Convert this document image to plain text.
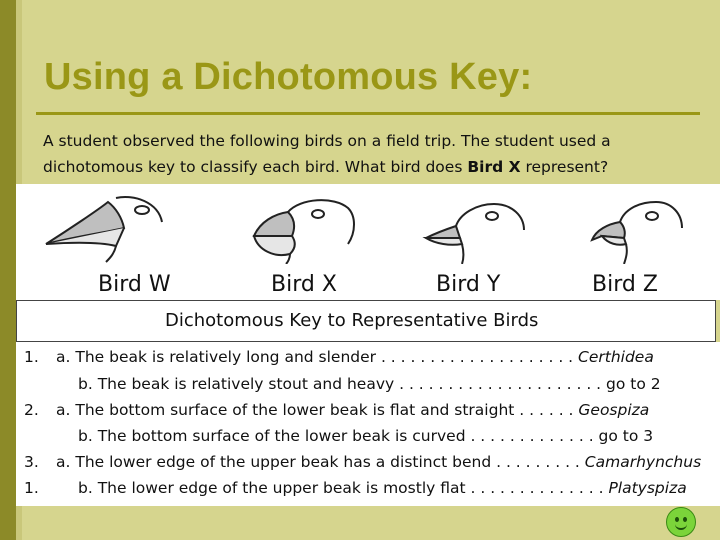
Using a Dichotomous Key:
A student observed the following birds on a field trip. The student used a
dichotomous key to classify each bird. What bird does Bird X represent?
Bird W	Bird X	Bird Y	Bird Z
Dichotomous Key to Representative Birds
1. a. The beak is relatively long and slender . . . . . . . . . . . . . . . . . . . . Certhidea
b. The beak is relatively stout and heavy . . . . . . . . . . . . . . . . . . . . . go to 2
2. a. The bottom surface of the lower beak is flat and straight . . . . . . Geospiza
b. The bottom surface of the lower beak is curved . . . . . . . . . . . . . go to 3
3. a. The lower edge of the upper beak has a distinct bend . . . . . . . . . Camarhynchus
1.	b. The lower edge of the upper beak is mostly flat . . . . . . . . . . . . . . Platyspiza
